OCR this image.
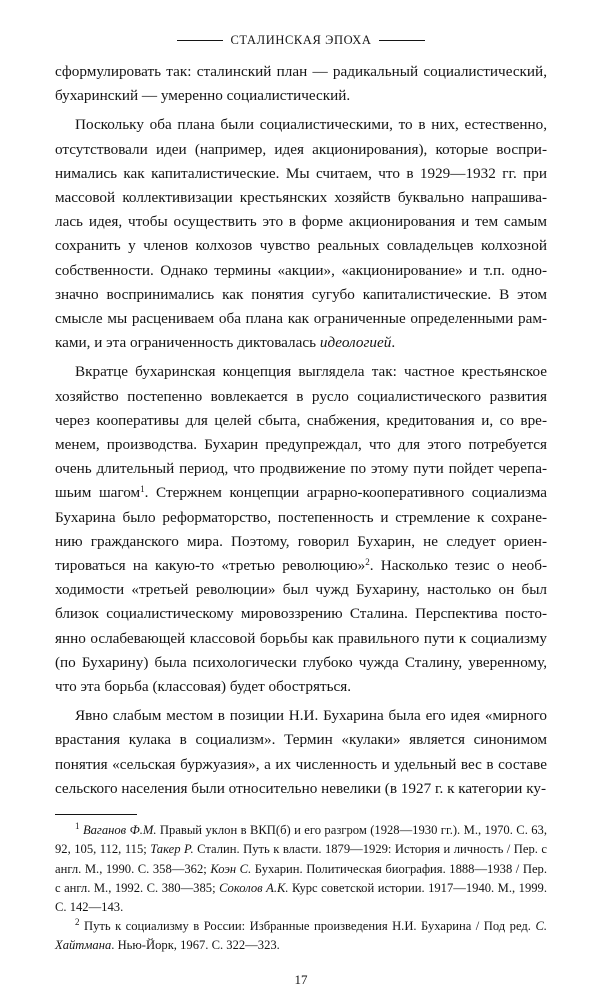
СТАЛИНСКАЯ ЭПОХА

сформулировать так: сталинский план — радикальный социалистический, бухаринский — умеренно социалистический.

Поскольку оба плана были социалистическими, то в них, естественно, отсутствовали идеи (например, идея акционирования), которые воспринимались как капиталистические. Мы считаем, что в 1929—1932 гг. при массовой коллективизации крестьянских хозяйств буквально напрашивалась идея, чтобы осуществить это в форме акционирования и тем самым сохранить у членов колхозов чувство реальных совладельцев колхозной собственности. Однако термины «акции», «акционирование» и т.п. однозначно воспринимались как понятия сугубо капиталистические. В этом смысле мы расцениваем оба плана как ограниченные определенными рамками, и эта ограниченность диктовалась идеологией.

Вкратце бухаринская концепция выглядела так: частное крестьянское хозяйство постепенно вовлекается в русло социалистического развития через кооперативы для целей сбыта, снабжения, кредитования и, со временем, производства. Бухарин предупреждал, что для этого потребуется очень длительный период, что продвижение по этому пути пойдет черепашьим шагом$^1$. Стержнем концепции аграрно-кооперативного социализма Бухарина было реформаторство, постепенность и стремление к сохранению гражданского мира. Поэтому, говорил Бухарин, не следует ориентироваться на какую-то «третью революцию»$^2$. Насколько тезис о необходимости «третьей революции» был чужд Бухарину, настолько он был близок социалистическому мировоззрению Сталина. Перспектива постоянно ослабевающей классовой борьбы как правильного пути к социализму (по Бухарину) была психологически глубоко чужда Сталину, уверенному, что эта борьба (классовая) будет обостряться.

Явно слабым местом в позиции Н.И. Бухарина была его идея «мирного врастания кулака в социализм». Термин «кулаки» является синонимом понятия «сельская буржуазия», а их численность и удельный вес в составе сельского населения были относительно невелики (в 1927 г. к категории ку-

$^1$ Ваганов Ф.М. Правый уклон в ВКП(б) и его разгром (1928—1930 гг.). М., 1970. С. 63, 92, 105, 112, 115; Такер Р. Сталин. Путь к власти. 1879—1929: История и личность / Пер. с англ. М., 1990. С. 358—362; Коэн С. Бухарин. Политическая биография. 1888—1938 / Пер. с англ. М., 1992. С. 380—385; Соколов А.К. Курс советской истории. 1917—1940. М., 1999. С. 142—143.

$^2$ Путь к социализму в России: Избранные произведения Н.И. Бухарина / Под ред. С. Хайтмана. Нью-Йорк, 1967. С. 322—323.

17
